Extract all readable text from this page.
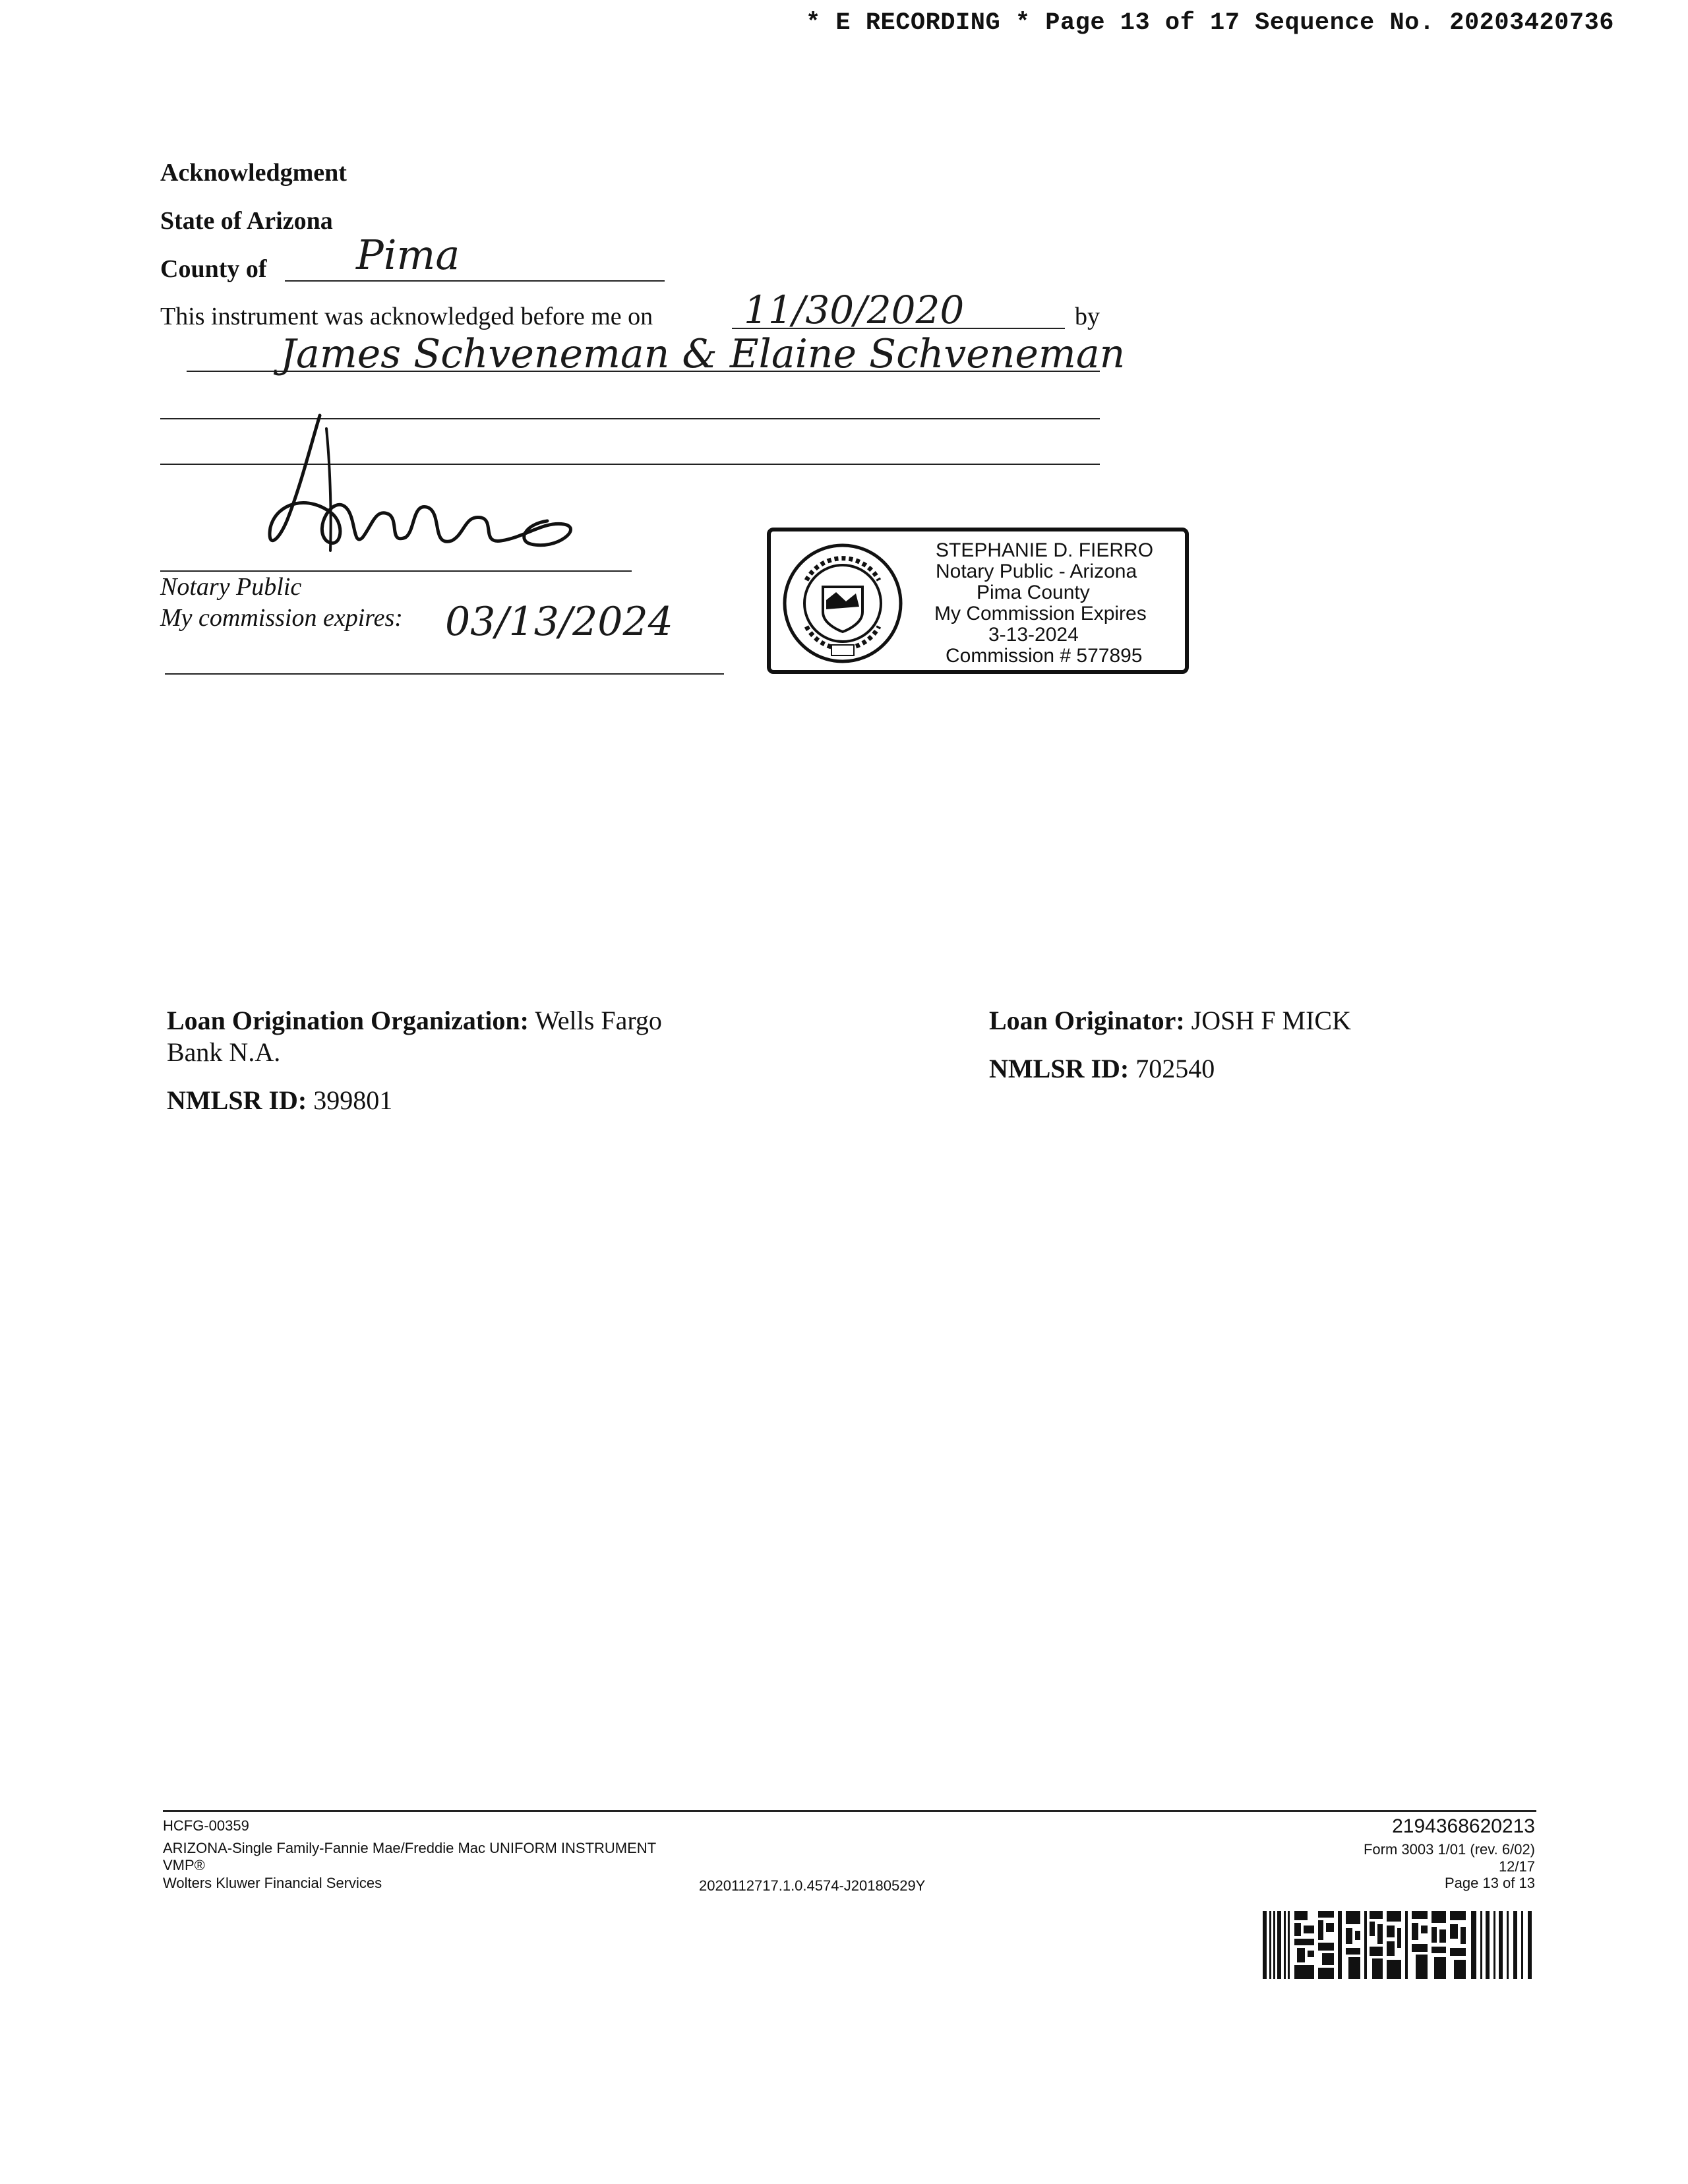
* E RECORDING * Page 13 of 17 Sequence No. 20203420736
Acknowledgment
State of Arizona
County of Pima
This instrument was acknowledged before me on 11/30/2020	by
James Schveneman & Elaine Schveneman
Notary Public
My commission expires: 03/13/2024
STEPHANIE D. FIERRO
Notary Public - Arizona
Pima County
My Commission Expires
3-13-2024
Commission # 577895
Loan Origination Organization: Wells Fargo
Bank N.A.
NMLSR ID: 399801
Loan Originator: JOSH F MICK
NMLSR ID: 702540
HCFG-00359
ARIZONA-Single Family-Fannie Mae/Freddie Mac UNIFORM INSTRUMENT
VMP®
Wolters Kluwer Financial Services	2020112717.1.0.4574-J20180529Y
2194368620213
Form 3003 1/01 (rev. 6/02)
12/17
Page 13 of 13
